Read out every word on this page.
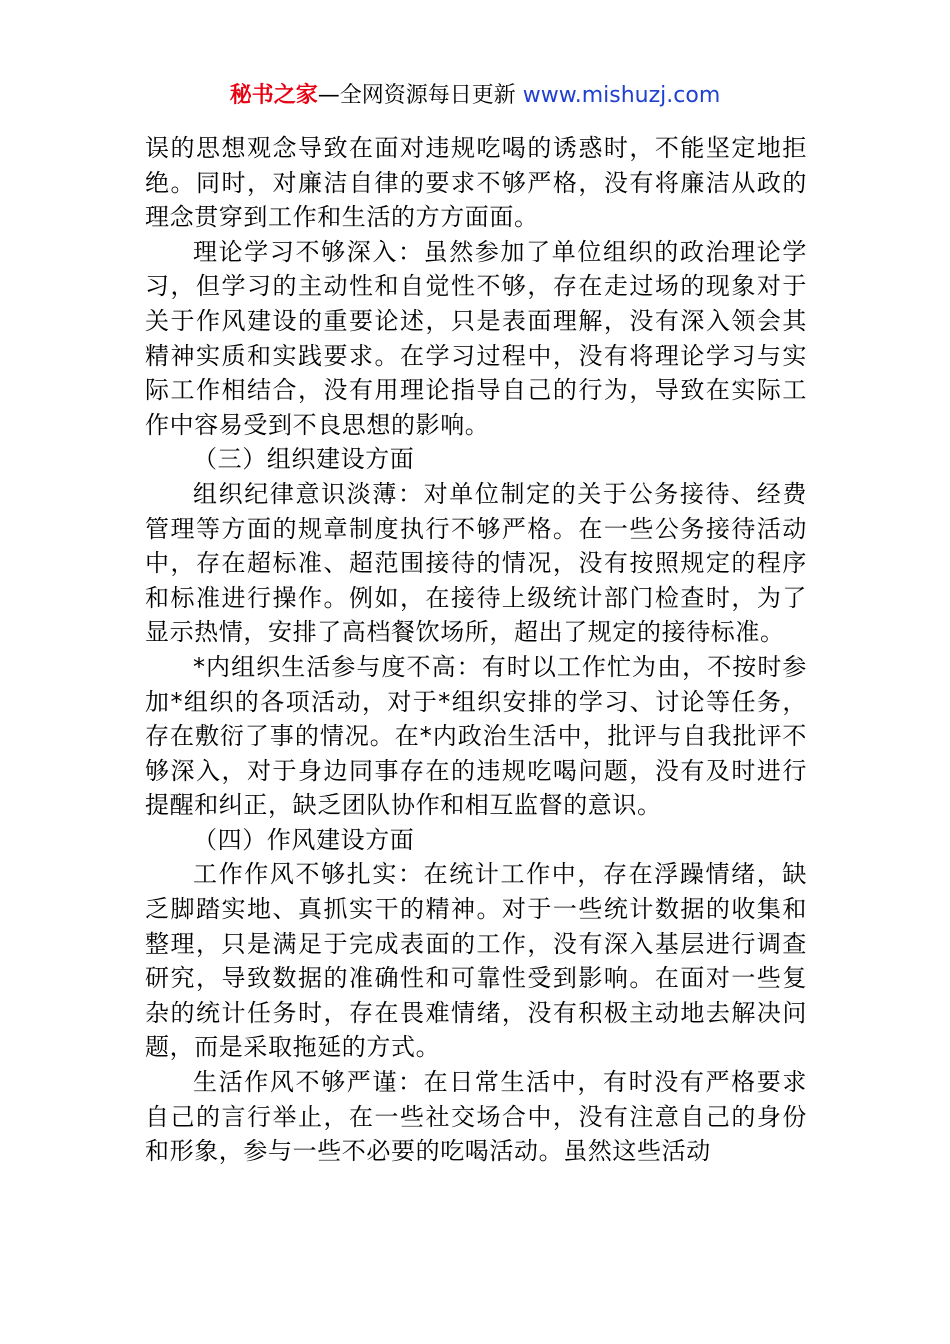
秘书之家—全网资源每日更新 www.mishuzj.com

误的思想观念导致在面对违规吃喝的诱惑时，不能坚定地拒绝。同时，对廉洁自律的要求不够严格，没有将廉洁从政的理念贯穿到工作和生活的方方面面。

理论学习不够深入：虽然参加了单位组织的政治理论学习，但学习的主动性和自觉性不够，存在走过场的现象对于关于作风建设的重要论述，只是表面理解，没有深入领会其精神实质和实践要求。在学习过程中，没有将理论学习与实际工作相结合，没有用理论指导自己的行为，导致在实际工作中容易受到不良思想的影响。

（三）组织建设方面

组织纪律意识淡薄：对单位制定的关于公务接待、经费管理等方面的规章制度执行不够严格。在一些公务接待活动中，存在超标准、超范围接待的情况，没有按照规定的程序和标准进行操作。例如，在接待上级统计部门检查时，为了显示热情，安排了高档餐饮场所，超出了规定的接待标准。

*内组织生活参与度不高：有时以工作忙为由，不按时参加*组织的各项活动，对于*组织安排的学习、讨论等任务，存在敷衍了事的情况。在*内政治生活中，批评与自我批评不够深入，对于身边同事存在的违规吃喝问题，没有及时进行提醒和纠正，缺乏团队协作和相互监督的意识。

（四）作风建设方面

工作作风不够扎实：在统计工作中，存在浮躁情绪，缺乏脚踏实地、真抓实干的精神。对于一些统计数据的收集和整理，只是满足于完成表面的工作，没有深入基层进行调查研究，导致数据的准确性和可靠性受到影响。在面对一些复杂的统计任务时，存在畏难情绪，没有积极主动地去解决问题，而是采取拖延的方式。

生活作风不够严谨：在日常生活中，有时没有严格要求自己的言行举止，在一些社交场合中，没有注意自己的身份和形象，参与一些不必要的吃喝活动。虽然这些活动
